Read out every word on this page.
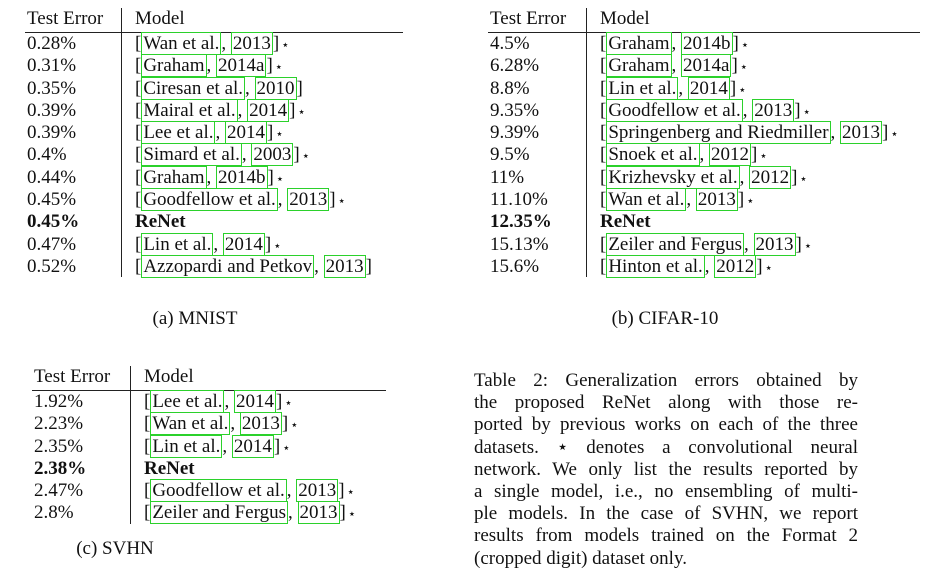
Test Error	Model
0.28%	[ Wan et al. , 2013 ] ⋆
0.31%	[ Graham , 2014a ] ⋆
0.35%	[ Ciresan et al. , 2010 ]
0.39%	[ Mairal et al. , 2014 ] ⋆
0.39%	[ Lee et al. , 2014 ] ⋆
0.4%	[ Simard et al. , 2003 ] ⋆
0.44%	[ Graham , 2014b ] ⋆
0.45%	[ Goodfellow et al. , 2013 ] ⋆
0.45%	ReNet
0.47%	[ Lin et al. , 2014 ] ⋆
0.52%	[ Azzopardi and Petkov , 2013 ]
(a) MNIST
Test Error	Model
4.5%	[ Graham , 2014b ] ⋆
6.28%	[ Graham , 2014a ] ⋆
8.8%	[ Lin et al. , 2014 ] ⋆
9.35%	[ Goodfellow et al. , 2013 ] ⋆
9.39%	[ Springenberg and Riedmiller , 2013 ] ⋆
9.5%	[ Snoek et al. , 2012 ] ⋆
11%	[ Krizhevsky et al. , 2012 ] ⋆
11.10%	[ Wan et al. , 2013 ] ⋆
12.35%	ReNet
15.13%	[ Zeiler and Fergus , 2013 ] ⋆
15.6%	[ Hinton et al. , 2012 ] ⋆
(b) CIFAR-10
Test Error	Model
1.92%	[ Lee et al. , 2014 ] ⋆
2.23%	[ Wan et al. , 2013 ] ⋆
2.35%	[ Lin et al. , 2014 ] ⋆
2.38%	ReNet
2.47%	[ Goodfellow et al. , 2013 ] ⋆
2.8%	[ Zeiler and Fergus , 2013 ] ⋆
(c) SVHN
Table 2: Generalization errors obtained by
the proposed ReNet along with those re-
ported by previous works on each of the three
datasets. ⋆ denotes a convolutional neural
network. We only list the results reported by
a single model, i.e., no ensembling of multi-
ple models. In the case of SVHN, we report
results from models trained on the Format 2
(cropped digit) dataset only.
